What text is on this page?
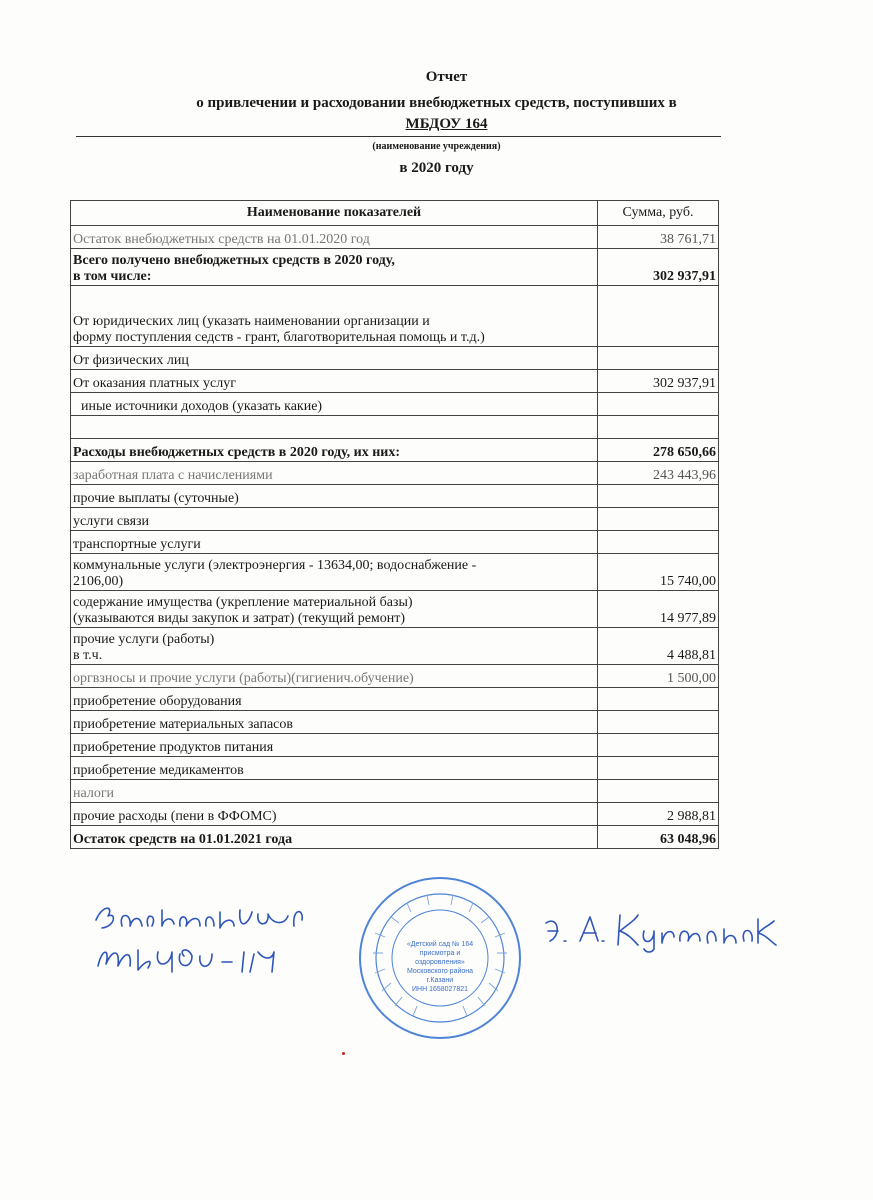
Отчет
о привлечении и расходовании внебюджетных средств, поступивших в
МБДОУ 164
(наименование учреждения)
в 2020 году
Наименование показателей	Сумма, руб.

Остаток внебюджетных средств на 01.01.2020 год	38 761,71

Всего получено внебюджетных средств в 2020 году,
в том числе:	302 937,91

От юридических лиц (указать наименовании организации и
форму поступления седств - грант, благотворительная помощь и т.д.)	

От физических лиц	

От оказания платных услуг	302 937,91

иные источники доходов (указать какие)	

Расходы внебюджетных средств в 2020 году, их них:	278 650,66

заработная плата с начислениями	243 443,96

прочие выплаты (суточные)	

услуги связи	

транспортные услуги	

коммунальные услуги (электроэнергия - 13634,00; водоснабжение -
2106,00)	15 740,00

содержание имущества (укрепление материальной базы)
(указываются виды закупок и затрат) (текущий ремонт)	14 977,89

прочие услуги (работы)
в т.ч.	4 488,81

оргвзносы и прочие услуги (работы)(гигиенич.обучение)	1 500,00

приобретение оборудования	

приобретение материальных запасов	

приобретение продуктов питания	

приобретение медикаментов	

налоги	

прочие расходы (пени в ФФОМС)	2 988,81

Остаток средств на 01.01.2021 года	63 048,96
«Детский сад № 164
присмотра и
оздоровления»
Московского района
г.Казани
ИНН 1658027821
